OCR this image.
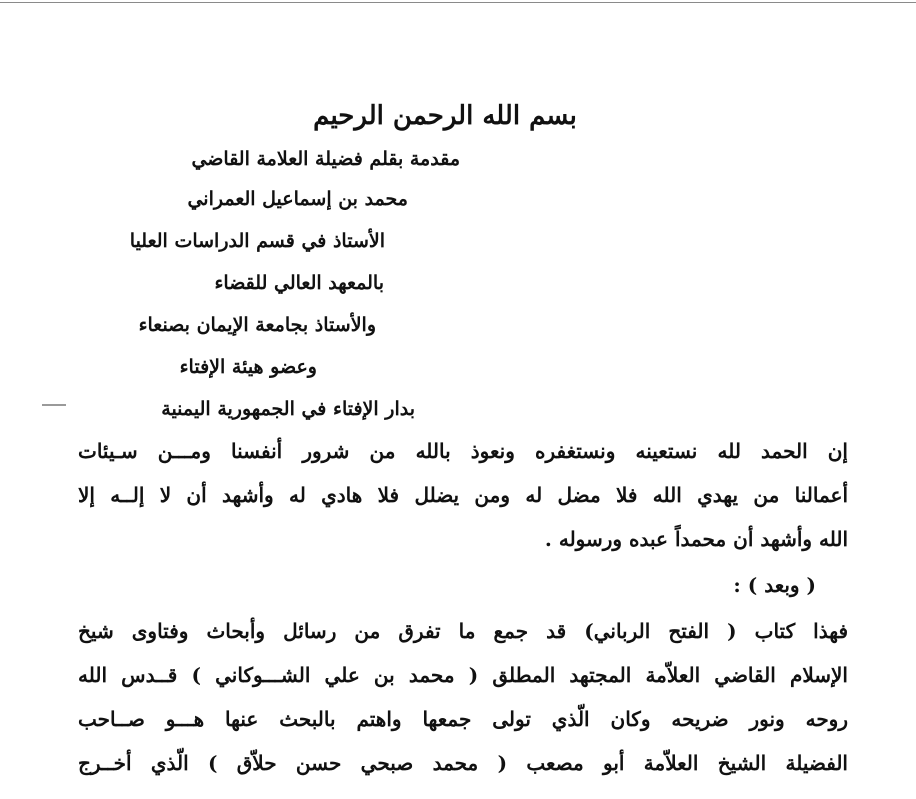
بسم الله الرحمن الرحيم
مقدمة بقلم فضيلة العلامة القاضي
محمد بن إسماعيل العمراني
الأستاذ في قسم الدراسات العليا
بالمعهد العالي للقضاء
والأستاذ بجامعة الإيمان بصنعاء
وعضو هيئة الإفتاء
بدار الإفتاء في الجمهورية اليمنية
إن الحمد لله نستعينه ونستغفره ونعوذ بالله من شرور أنفسنا ومـــن سـيئات
أعمالنا من يهدي الله فلا مضل له ومن يضلل فلا هادي له وأشهد أن لا إلــه إلا
الله وأشهد أن محمداً عبده ورسوله .
( وبعد ) :
فهذا كتاب ( الفتح الرباني) قد جمع ما تفرق من رسائل وأبحاث وفتاوى شيخ
الإسلام القاضي العلاّمة المجتهد المطلق ( محمد بن علي الشـــوكاني ) قــدس الله
روحه ونور ضريحه وكان الّذي تولى جمعها واهتم بالبحث عنها هـــو صــاحب
الفضيلة الشيخ العلاّمة أبو مصعب ( محمد صبحي حسن حلاّق ) الّذي أخــرج
